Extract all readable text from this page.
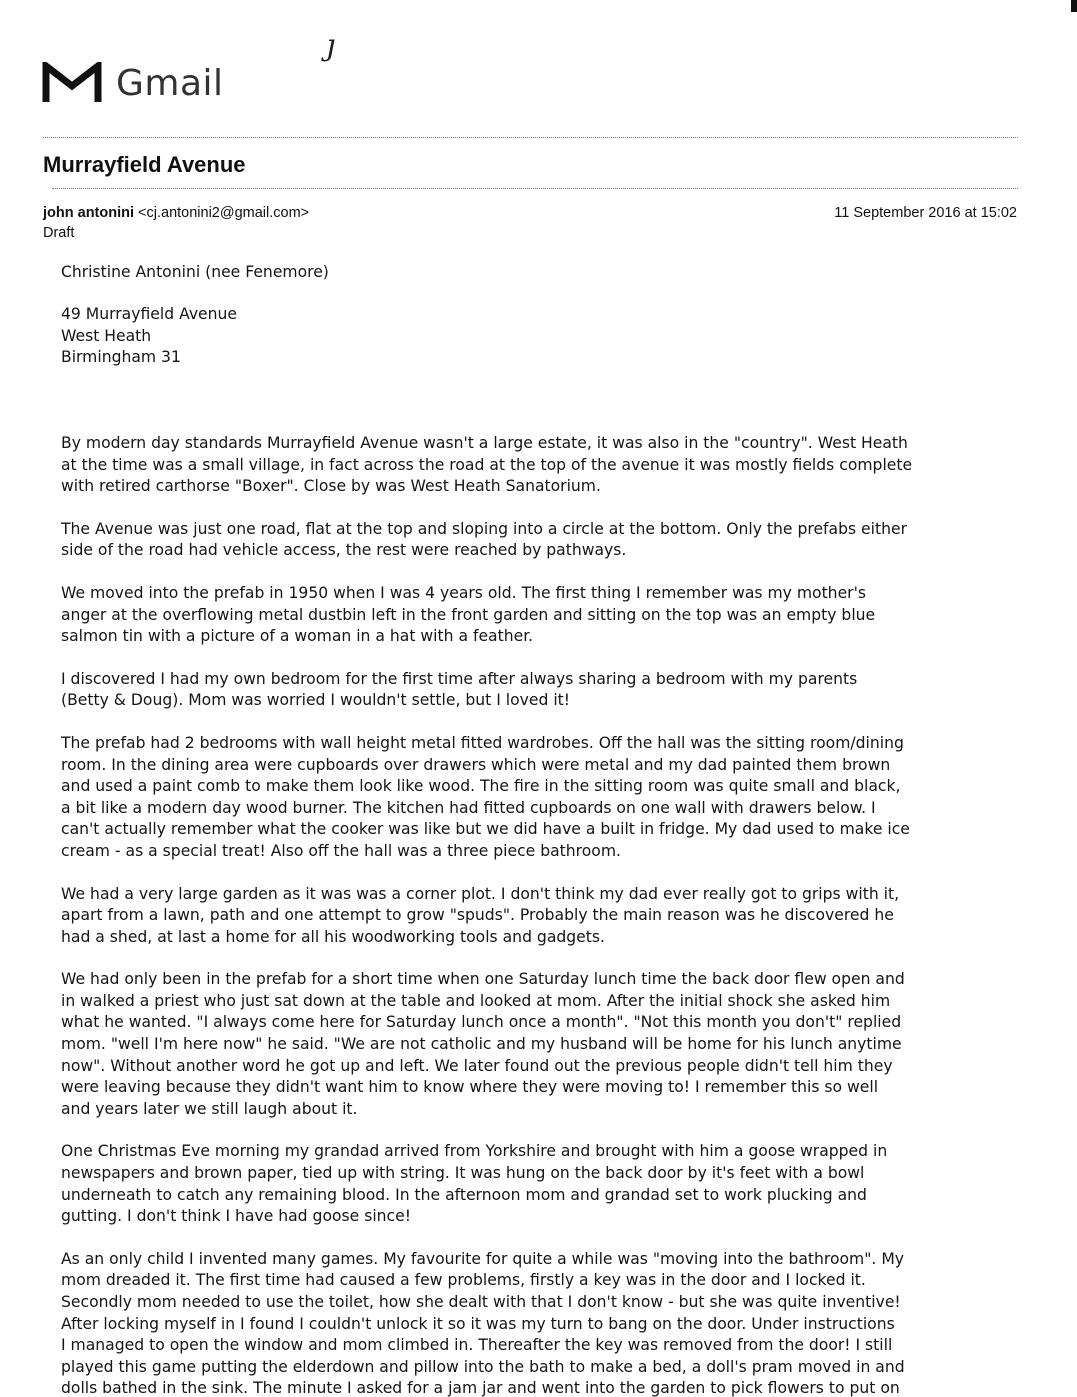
ȷ
Gmail
Murrayfield Avenue
john antonini <cj.antonini2@gmail.com>
Draft
11 September 2016 at 15:02
Christine Antonini (nee Fenemore)
49 Murrayfield Avenue
West Heath
Birmingham 31
By modern day standards Murrayfield Avenue wasn't a large estate, it was also in the "country". West Heath
at the time was a small village, in fact across the road at the top of the avenue it was mostly fields complete
with retired carthorse "Boxer". Close by was West Heath Sanatorium.
The Avenue was just one road, flat at the top and sloping into a circle at the bottom. Only the prefabs either
side of the road had vehicle access, the rest were reached by pathways.
We moved into the prefab in 1950 when I was 4 years old. The first thing I remember was my mother's
anger at the overflowing metal dustbin left in the front garden and sitting on the top was an empty blue
salmon tin with a picture of a woman in a hat with a feather.
I discovered I had my own bedroom for the first time after always sharing a bedroom with my parents
(Betty & Doug). Mom was worried I wouldn't settle, but I loved it!
The prefab had 2 bedrooms with wall height metal fitted wardrobes. Off the hall was the sitting room/dining
room. In the dining area were cupboards over drawers which were metal and my dad painted them brown
and used a paint comb to make them look like wood. The fire in the sitting room was quite small and black,
a bit like a modern day wood burner. The kitchen had fitted cupboards on one wall with drawers below. I
can't actually remember what the cooker was like but we did have a built in fridge. My dad used to make ice
cream - as a special treat! Also off the hall was a three piece bathroom.
We had a very large garden as it was was a corner plot. I don't think my dad ever really got to grips with it,
apart from a lawn, path and one attempt to grow "spuds". Probably the main reason was he discovered he
had a shed, at last a home for all his woodworking tools and gadgets.
We had only been in the prefab for a short time when one Saturday lunch time the back door flew open and
in walked a priest who just sat down at the table and looked at mom. After the initial shock she asked him
what he wanted. "I always come here for Saturday lunch once a month". "Not this month you don't" replied
mom. "well I'm here now" he said. "We are not catholic and my husband will be home for his lunch anytime
now". Without another word he got up and left. We later found out the previous people didn't tell him they
were leaving because they didn't want him to know where they were moving to! I remember this so well
and years later we still laugh about it.
One Christmas Eve morning my grandad arrived from Yorkshire and brought with him a goose wrapped in
newspapers and brown paper, tied up with string. It was hung on the back door by it's feet with a bowl
underneath to catch any remaining blood. In the afternoon mom and grandad set to work plucking and
gutting. I don't think I have had goose since!
As an only child I invented many games. My favourite for quite a while was "moving into the bathroom". My
mom dreaded it. The first time had caused a few problems, firstly a key was in the door and I locked it.
Secondly mom needed to use the toilet, how she dealt with that I don't know - but she was quite inventive!
After locking myself in I found I couldn't unlock it so it was my turn to bang on the door. Under instructions
I managed to open the window and mom climbed in. Thereafter the key was removed from the door! I still
played this game putting the elderdown and pillow into the bath to make a bed, a doll's pram moved in and
dolls bathed in the sink. The minute I asked for a jam jar and went into the garden to pick flowers to put on
